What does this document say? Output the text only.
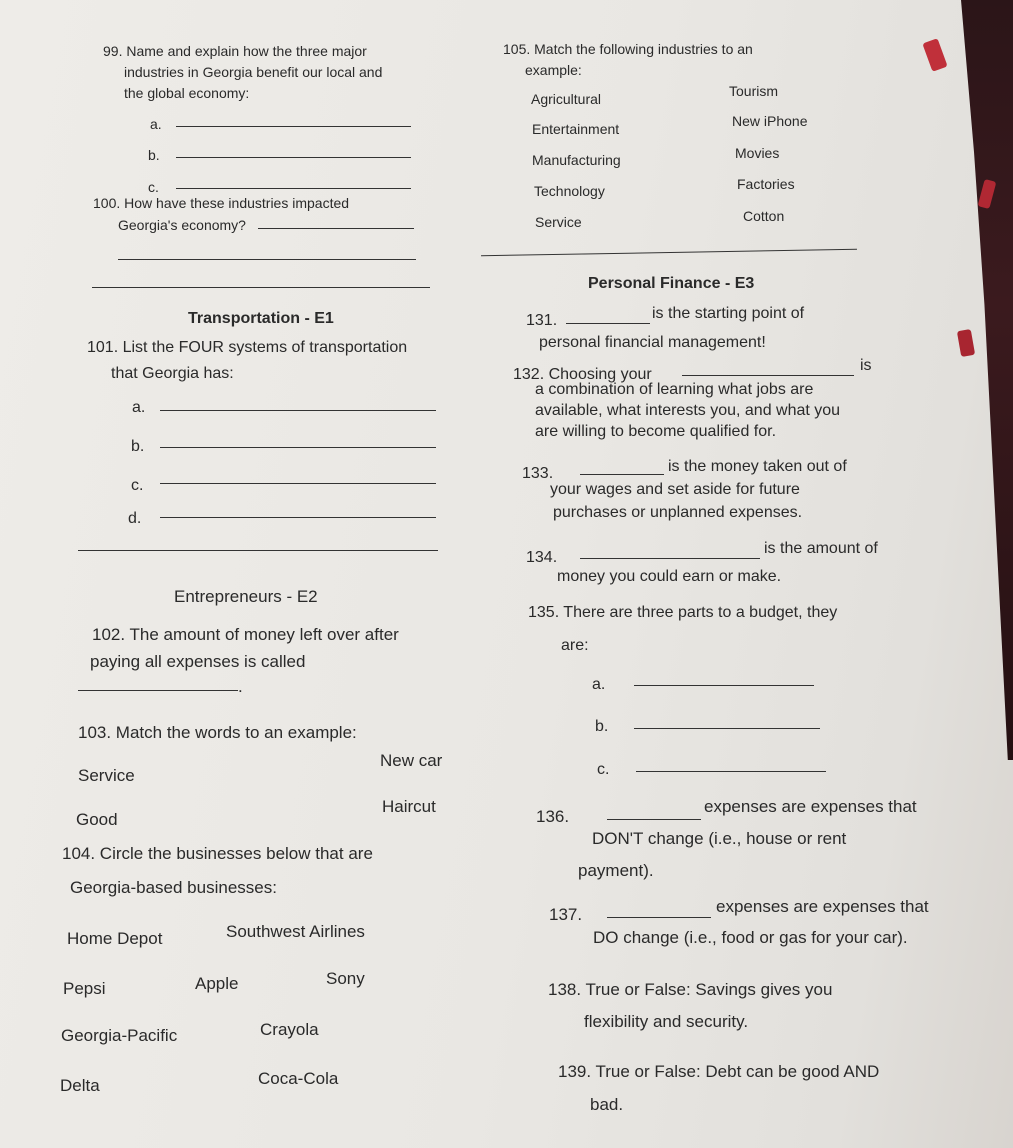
99. Name and explain how the three major
industries in Georgia benefit our local and
the global economy:
a.
b.
c.
100. How have these industries impacted
Georgia's economy?
105. Match the following industries to an
example:
Agricultural
Entertainment
Manufacturing
Technology
Service
Tourism
New iPhone
Movies
Factories
Cotton
Transportation - E1
101. List the FOUR systems of transportation
that Georgia has:
a.
b.
c.
d.
Entrepreneurs - E2
102. The amount of money left over after
paying all expenses is called
.
103. Match the words to an example:
Service
New car
Good
Haircut
104. Circle the businesses below that are
Georgia-based businesses:
Home Depot	Southwest Airlines
Pepsi	Apple	Sony
Georgia-Pacific	Crayola
Delta	Coca-Cola
Personal Finance - E3
131.	is the starting point of
personal financial management!
132. Choosing your
is
a combination of learning what jobs are
available, what interests you, and what you
are willing to become qualified for.
133.	is the money taken out of
your wages and set aside for future
purchases or unplanned expenses.
134.
is the amount of
money you could earn or make.
135. There are three parts to a budget, they
are:
a.
b.
c.
136.
expenses are expenses that
DON'T change (i.e., house or rent
payment).
137.	expenses are expenses that
DO change (i.e., food or gas for your car).
138. True or False: Savings gives you
flexibility and security.
139. True or False: Debt can be good AND
bad.
